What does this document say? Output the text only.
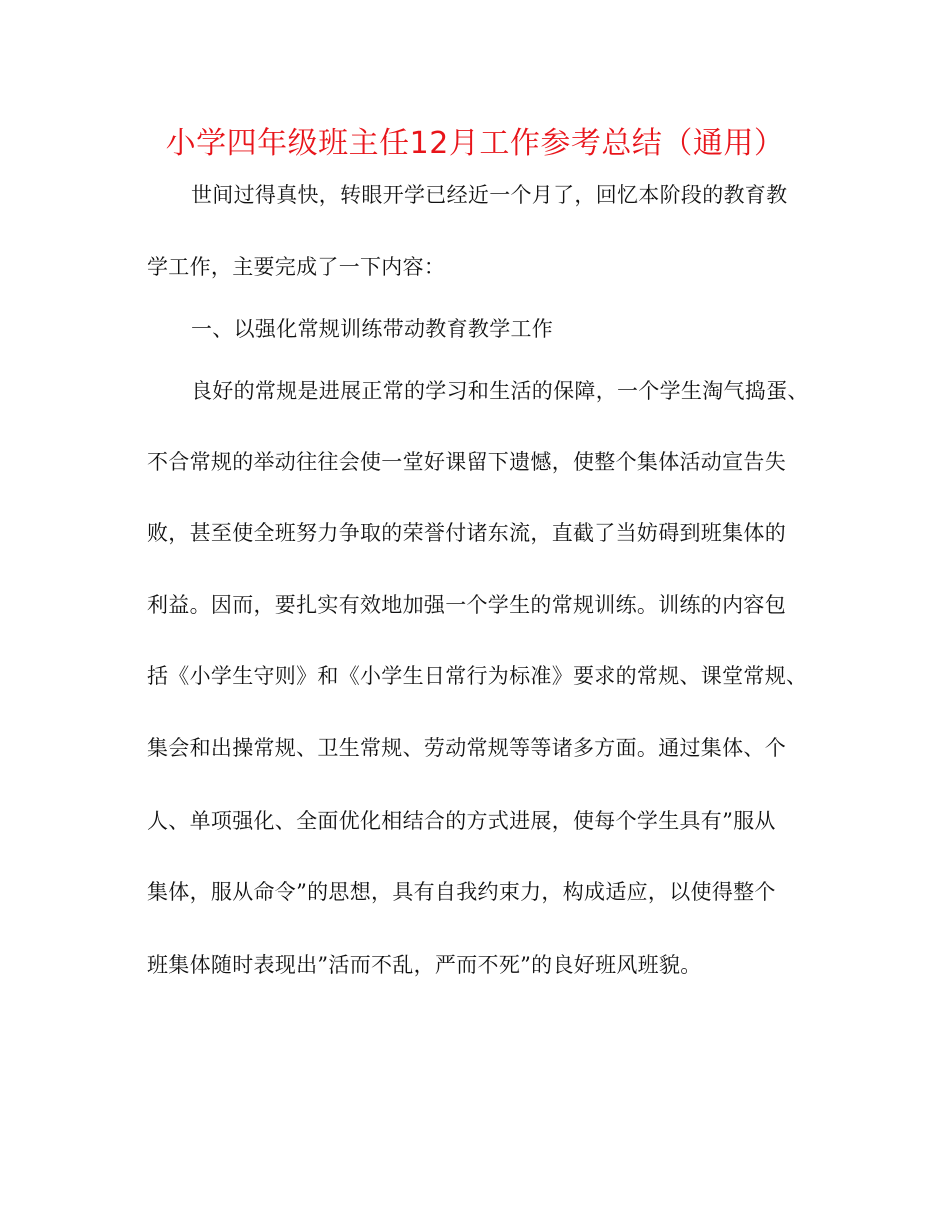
小学四年级班主任12月工作参考总结（通用）
世间过得真快，转眼开学已经近一个月了，回忆本阶段的教育教
学工作，主要完成了一下内容：
一、以强化常规训练带动教育教学工作
良好的常规是进展正常的学习和生活的保障，一个学生淘气捣蛋、
不合常规的举动往往会使一堂好课留下遗憾，使整个集体活动宣告失
败，甚至使全班努力争取的荣誉付诸东流，直截了当妨碍到班集体的
利益。因而，要扎实有效地加强一个学生的常规训练。训练的内容包
括《小学生守则》和《小学生日常行为标准》要求的常规、课堂常规、
集会和出操常规、卫生常规、劳动常规等等诸多方面。通过集体、个
人、单项强化、全面优化相结合的方式进展，使每个学生具有”服从
集体，服从命令”的思想，具有自我约束力，构成适应，以使得整个
班集体随时表现出”活而不乱，严而不死”的良好班风班貌。
